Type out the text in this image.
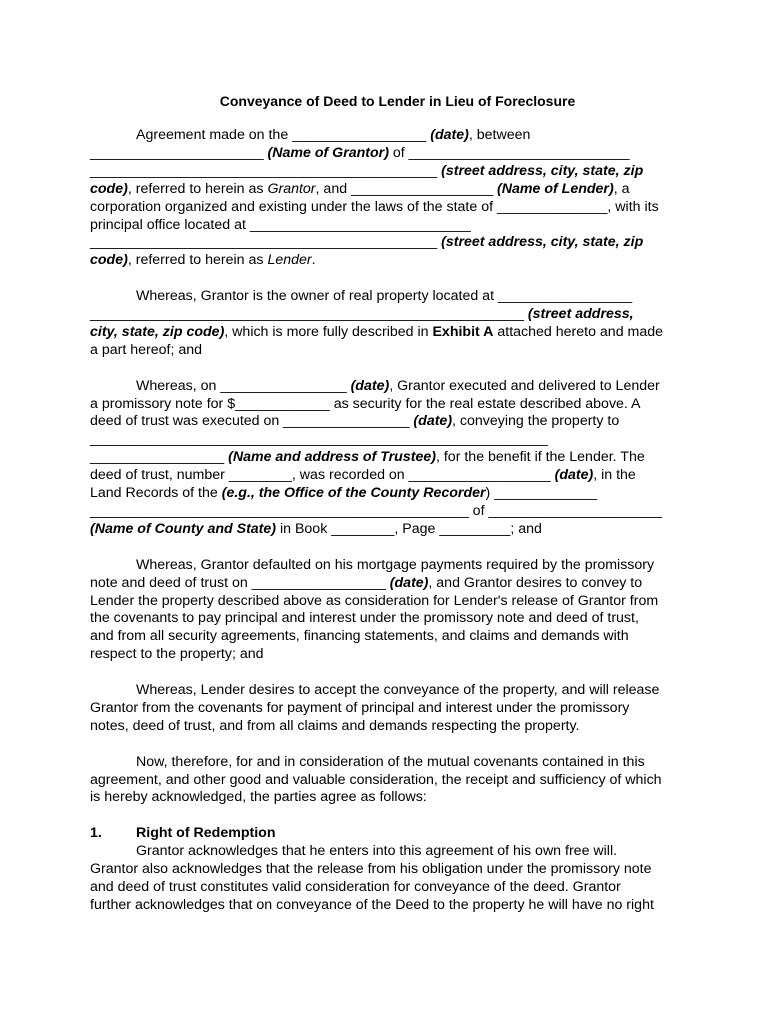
Conveyance of Deed to Lender in Lieu of Foreclosure
Agreement made on the _________________ (date), between
______________________ (Name of Grantor) of ____________________________
____________________________________________ (street address, city, state, zip
code), referred to herein as Grantor, and __________________ (Name of Lender), a
corporation organized and existing under the laws of the state of ______________, with its
principal office located at ____________________________
____________________________________________ (street address, city, state, zip
code), referred to herein as Lender.
Whereas, Grantor is the owner of real property located at _________________
_______________________________________________________ (street address,
city, state, zip code), which is more fully described in Exhibit A attached hereto and made
a part hereof; and
Whereas, on ________________ (date), Grantor executed and delivered to Lender
a promissory note for $____________ as security for the real estate described above. A
deed of trust was executed on ________________ (date), conveying the property to
__________________________________________________________
_________________ (Name and address of Trustee), for the benefit if the Lender. The
deed of trust, number ________, was recorded on __________________ (date), in the
Land Records of the (e.g., the Office of the County Recorder) _____________
________________________________________________ of ______________________
(Name of County and State) in Book ________, Page _________; and
Whereas, Grantor defaulted on his mortgage payments required by the promissory
note and deed of trust on _________________ (date), and Grantor desires to convey to
Lender the property described above as consideration for Lender's release of Grantor from
the covenants to pay principal and interest under the promissory note and deed of trust,
and from all security agreements, financing statements, and claims and demands with
respect to the property; and
Whereas, Lender desires to accept the conveyance of the property, and will release
Grantor from the covenants for payment of principal and interest under the promissory
notes, deed of trust, and from all claims and demands respecting the property.
Now, therefore, for and in consideration of the mutual covenants contained in this
agreement, and other good and valuable consideration, the receipt and sufficiency of which
is hereby acknowledged, the parties agree as follows:
1. Right of Redemption
Grantor acknowledges that he enters into this agreement of his own free will.
Grantor also acknowledges that the release from his obligation under the promissory note
and deed of trust constitutes valid consideration for conveyance of the deed. Grantor
further acknowledges that on conveyance of the Deed to the property he will have no right
